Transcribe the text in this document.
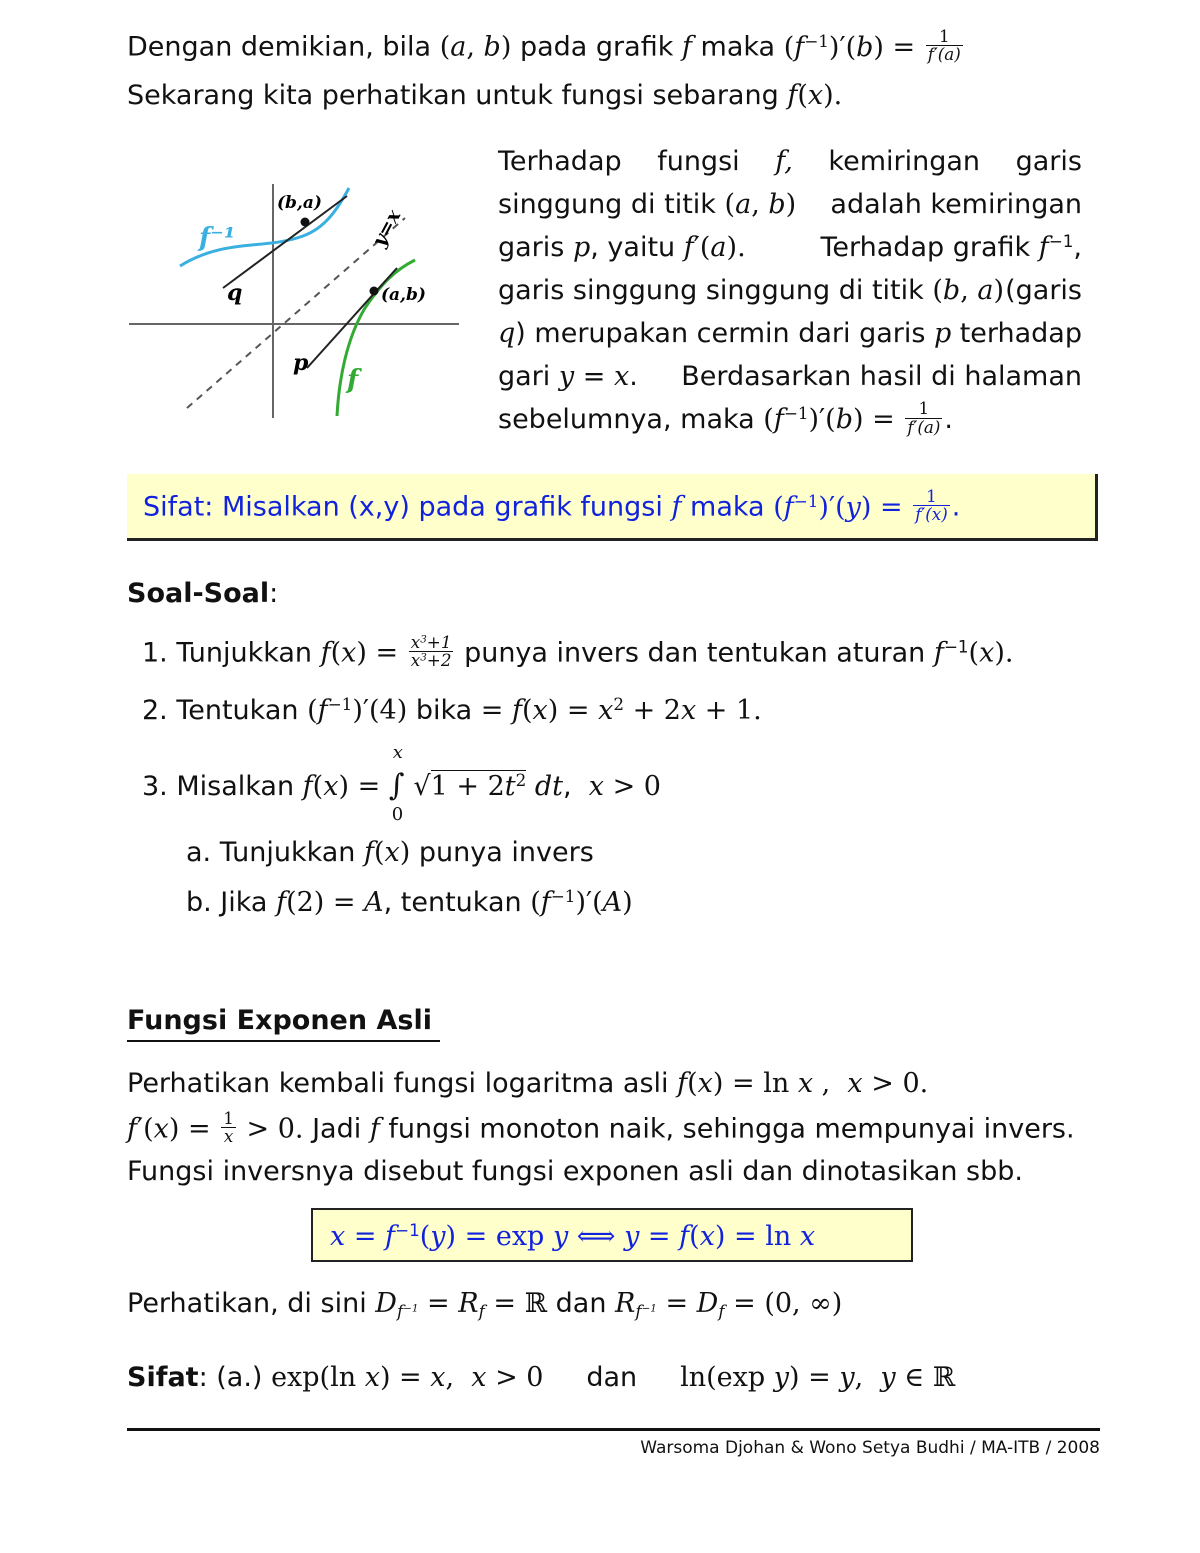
Dengan demikian, bila (a, b) pada grafik f maka $(f^{-1})'(b) = \frac{1}{f'(a)}$
Sekarang kita perhatikan untuk fungsi sebarang f(x).
f⁻¹
(b,a)
y=x
q	(a,b)
p
f
Terhadap fungsi f, kemiringan garis
singgung di titik (a, b) adalah kemiringan
garis p, yaitu f′(a).	Terhadap grafik $f^{-1}$,
garis singgung singgung di titik (b, a) (garis
q) merupakan cermin dari garis p terhadap
gari y = x. Berdasarkan hasil di halaman
sebelumnya, maka $(f^{-1})'(b) = \frac{1}{f'(a)}$ .
Sifat: Misalkan (x,y) pada grafik fungsi f maka $(f^{-1})'(y) = \frac{1}{f'(x)}$ .
Soal-Soal:
1. Tunjukkan $f(x) = \frac{x^3+1}{x^3+2}$ punya invers dan tentukan aturan $f^{-1}(x)$.
2. Tentukan $(f^{-1})'(4)$ bika = $f(x) = x^2 + 2x + 1$.
3. Misalkan f(x) =
x
∫
0
$√1 + 2t^2$ dt,  x > 0
a. Tunjukkan f(x) punya invers
b. Jika f(2) = A, tentukan $(f^{-1})'(A)$
Fungsi Exponen Asli
Perhatikan kembali fungsi logaritma asli f(x) = ln x ,  x > 0.
$f'(x) = \frac{1}{x} > 0$. Jadi f fungsi monoton naik, sehingga mempunyai invers.
Fungsi inversnya disebut fungsi exponen asli dan dinotasikan sbb.
$x = f^{-1}(y) = \exp y$ ⟺ y = f(x) = ln x
Perhatikan, di sini $D_{f^{-1}} = R_f$ = ℝ dan $R_{f^{-1}} = D_f = (0$, ∞)
Sifat: (a.) exp(ln x) = x,  x > 0 dan ln(exp y) = y,  y ∈ ℝ
Warsoma Djohan & Wono Setya Budhi / MA-ITB / 2008
